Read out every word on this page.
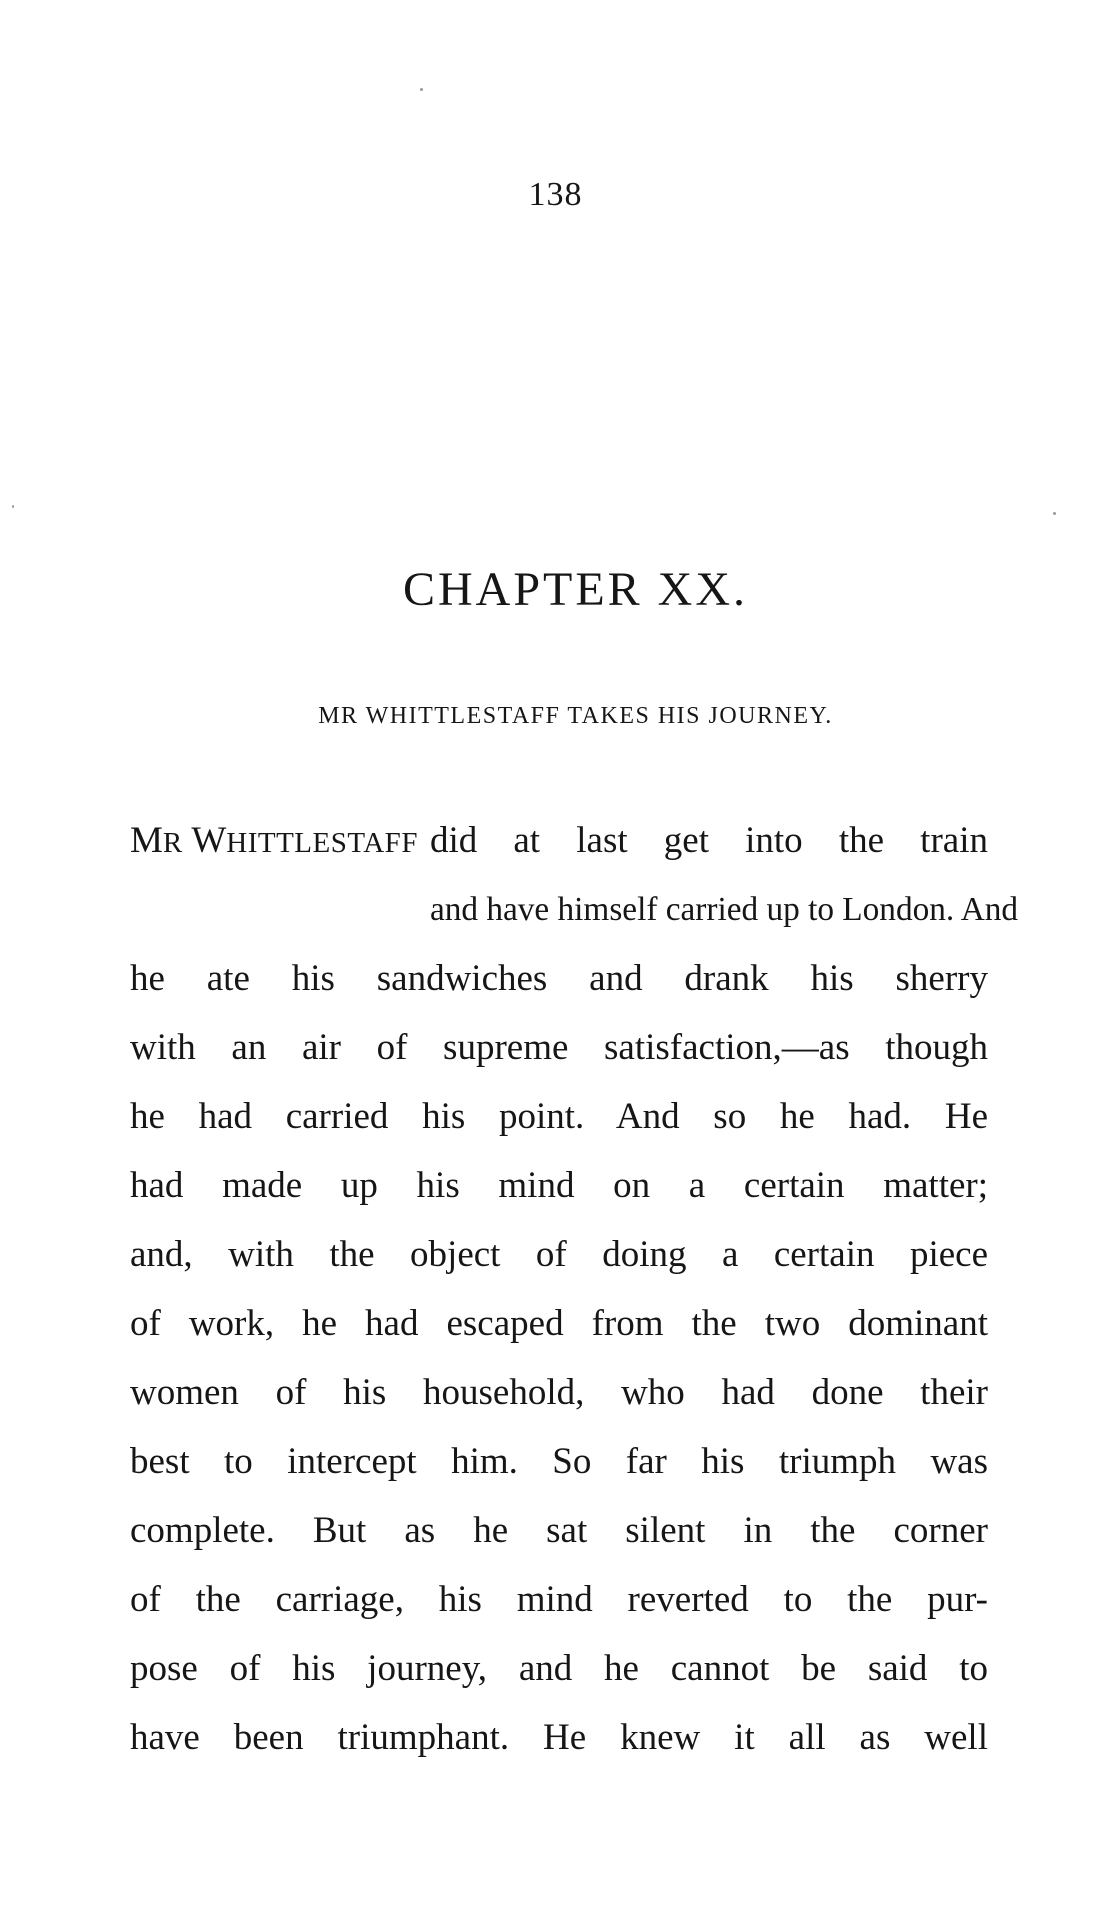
138
CHAPTER XX.
MR WHITTLESTAFF TAKES HIS JOURNEY.
MR WHITTLESTAFF did at last get into the train
and have himself carried up to London. And
he ate his sandwiches and drank his sherry
with an air of supreme satisfaction,—as though
he had carried his point. And so he had. He
had made up his mind on a certain matter;
and, with the object of doing a certain piece
of work, he had escaped from the two dominant
women of his household, who had done their
best to intercept him. So far his triumph was
complete. But as he sat silent in the corner
of the carriage, his mind reverted to the pur-
pose of his journey, and he cannot be said to
have been triumphant. He knew it all as well
